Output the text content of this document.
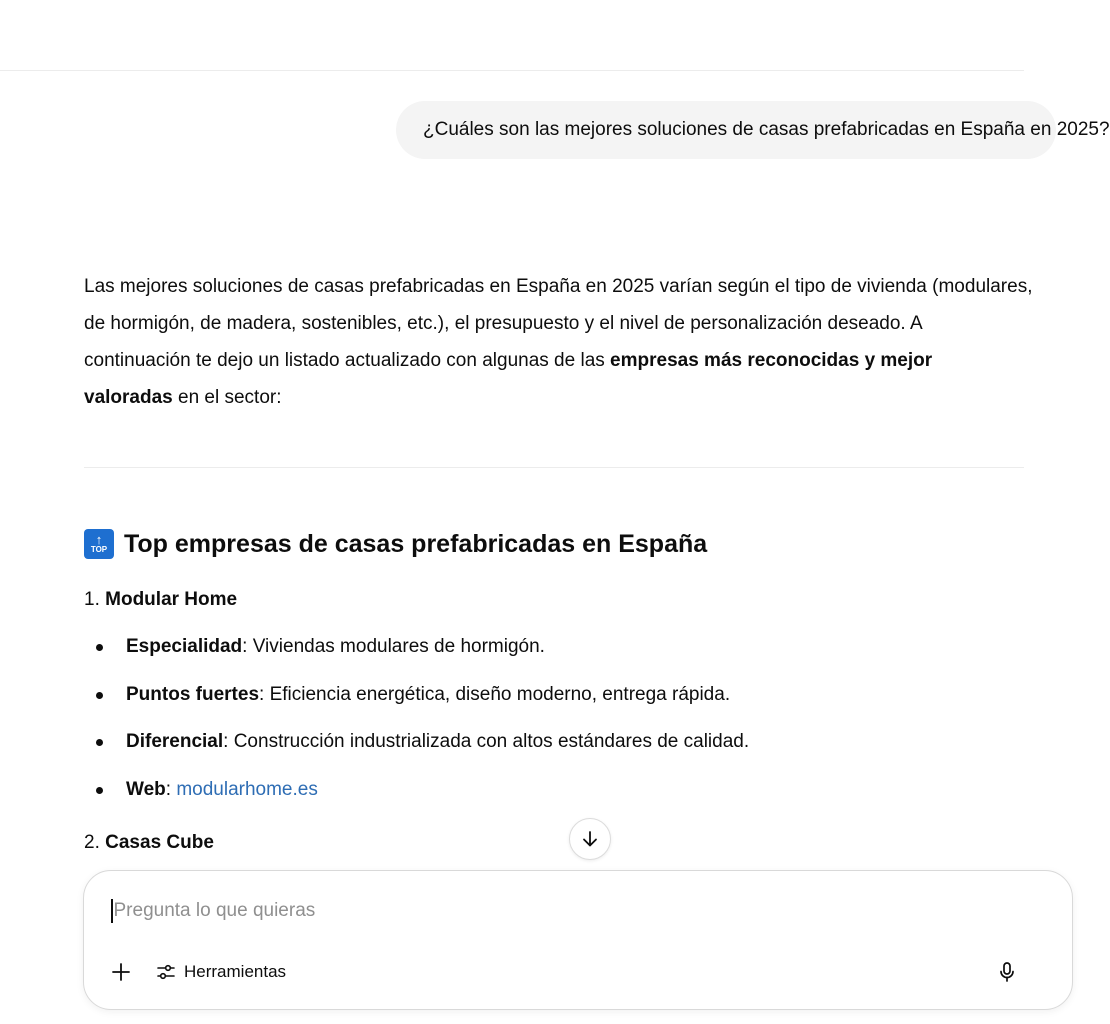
¿Cuáles son las mejores soluciones de casas prefabricadas en España en 2025?

Las mejores soluciones de casas prefabricadas en España en 2025 varían según el tipo de vivienda (modulares,

de hormigón, de madera, sostenibles, etc.), el presupuesto y el nivel de personalización deseado. A

continuación te dejo un listado actualizado con algunas de las empresas más reconocidas y mejor

valoradas en el sector:

↑
TOP Top empresas de casas prefabricadas en España
1. Modular Home
Especialidad: Viviendas modulares de hormigón.
Puntos fuertes: Eficiencia energética, diseño moderno, entrega rápida.
Diferencial: Construcción industrializada con altos estándares de calidad.
Web: modularhome.es
2. Casas Cube
Pregunta lo que quieras
Herramientas
